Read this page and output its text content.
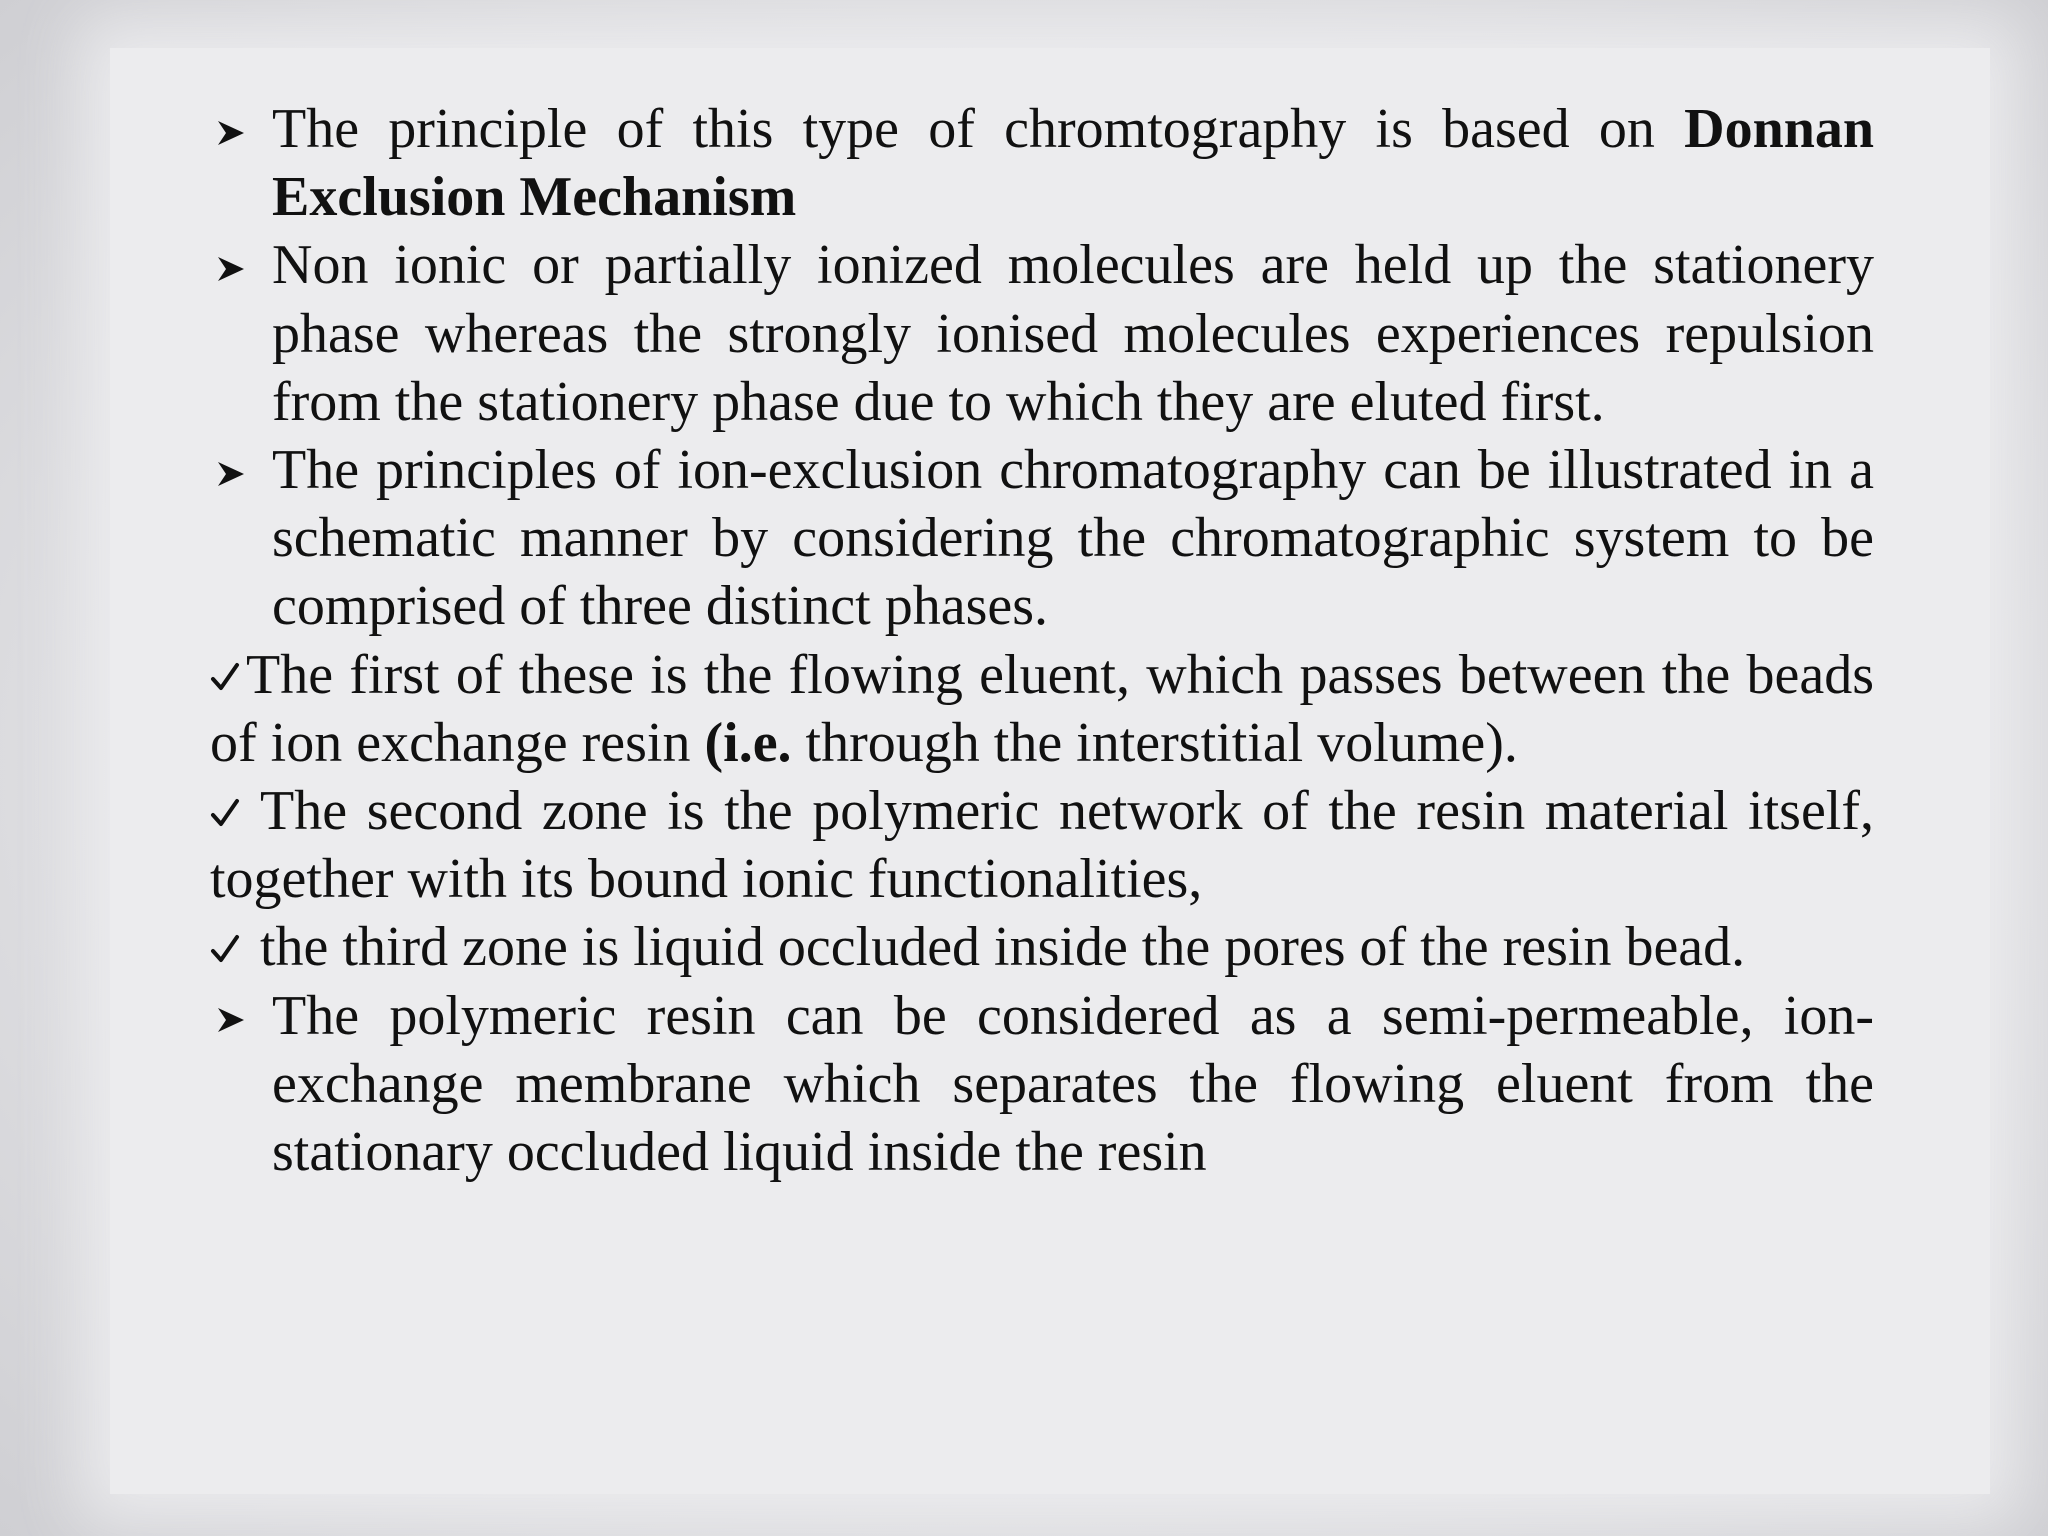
The principle of this type of chromtography is based on Donnan Exclusion Mechanism

Non ionic or partially ionized molecules are held up the stationery phase whereas the strongly ionised molecules experiences repulsion from the stationery phase due to which they are eluted first.

The principles of ion-exclusion chromatography can be illustrated in a schematic manner by considering the chromatographic system to be comprised of three distinct phases.

The first of these is the flowing eluent, which passes between the beads of ion exchange resin (i.e. through the interstitial volume).

The second zone is the polymeric network of the resin material itself, together with its bound ionic functionalities,

the third zone is liquid occluded inside the pores of the resin bead.

The polymeric resin can be considered as a semi-permeable, ion-exchange membrane which separates the flowing eluent from the stationary occluded liquid inside the resin
